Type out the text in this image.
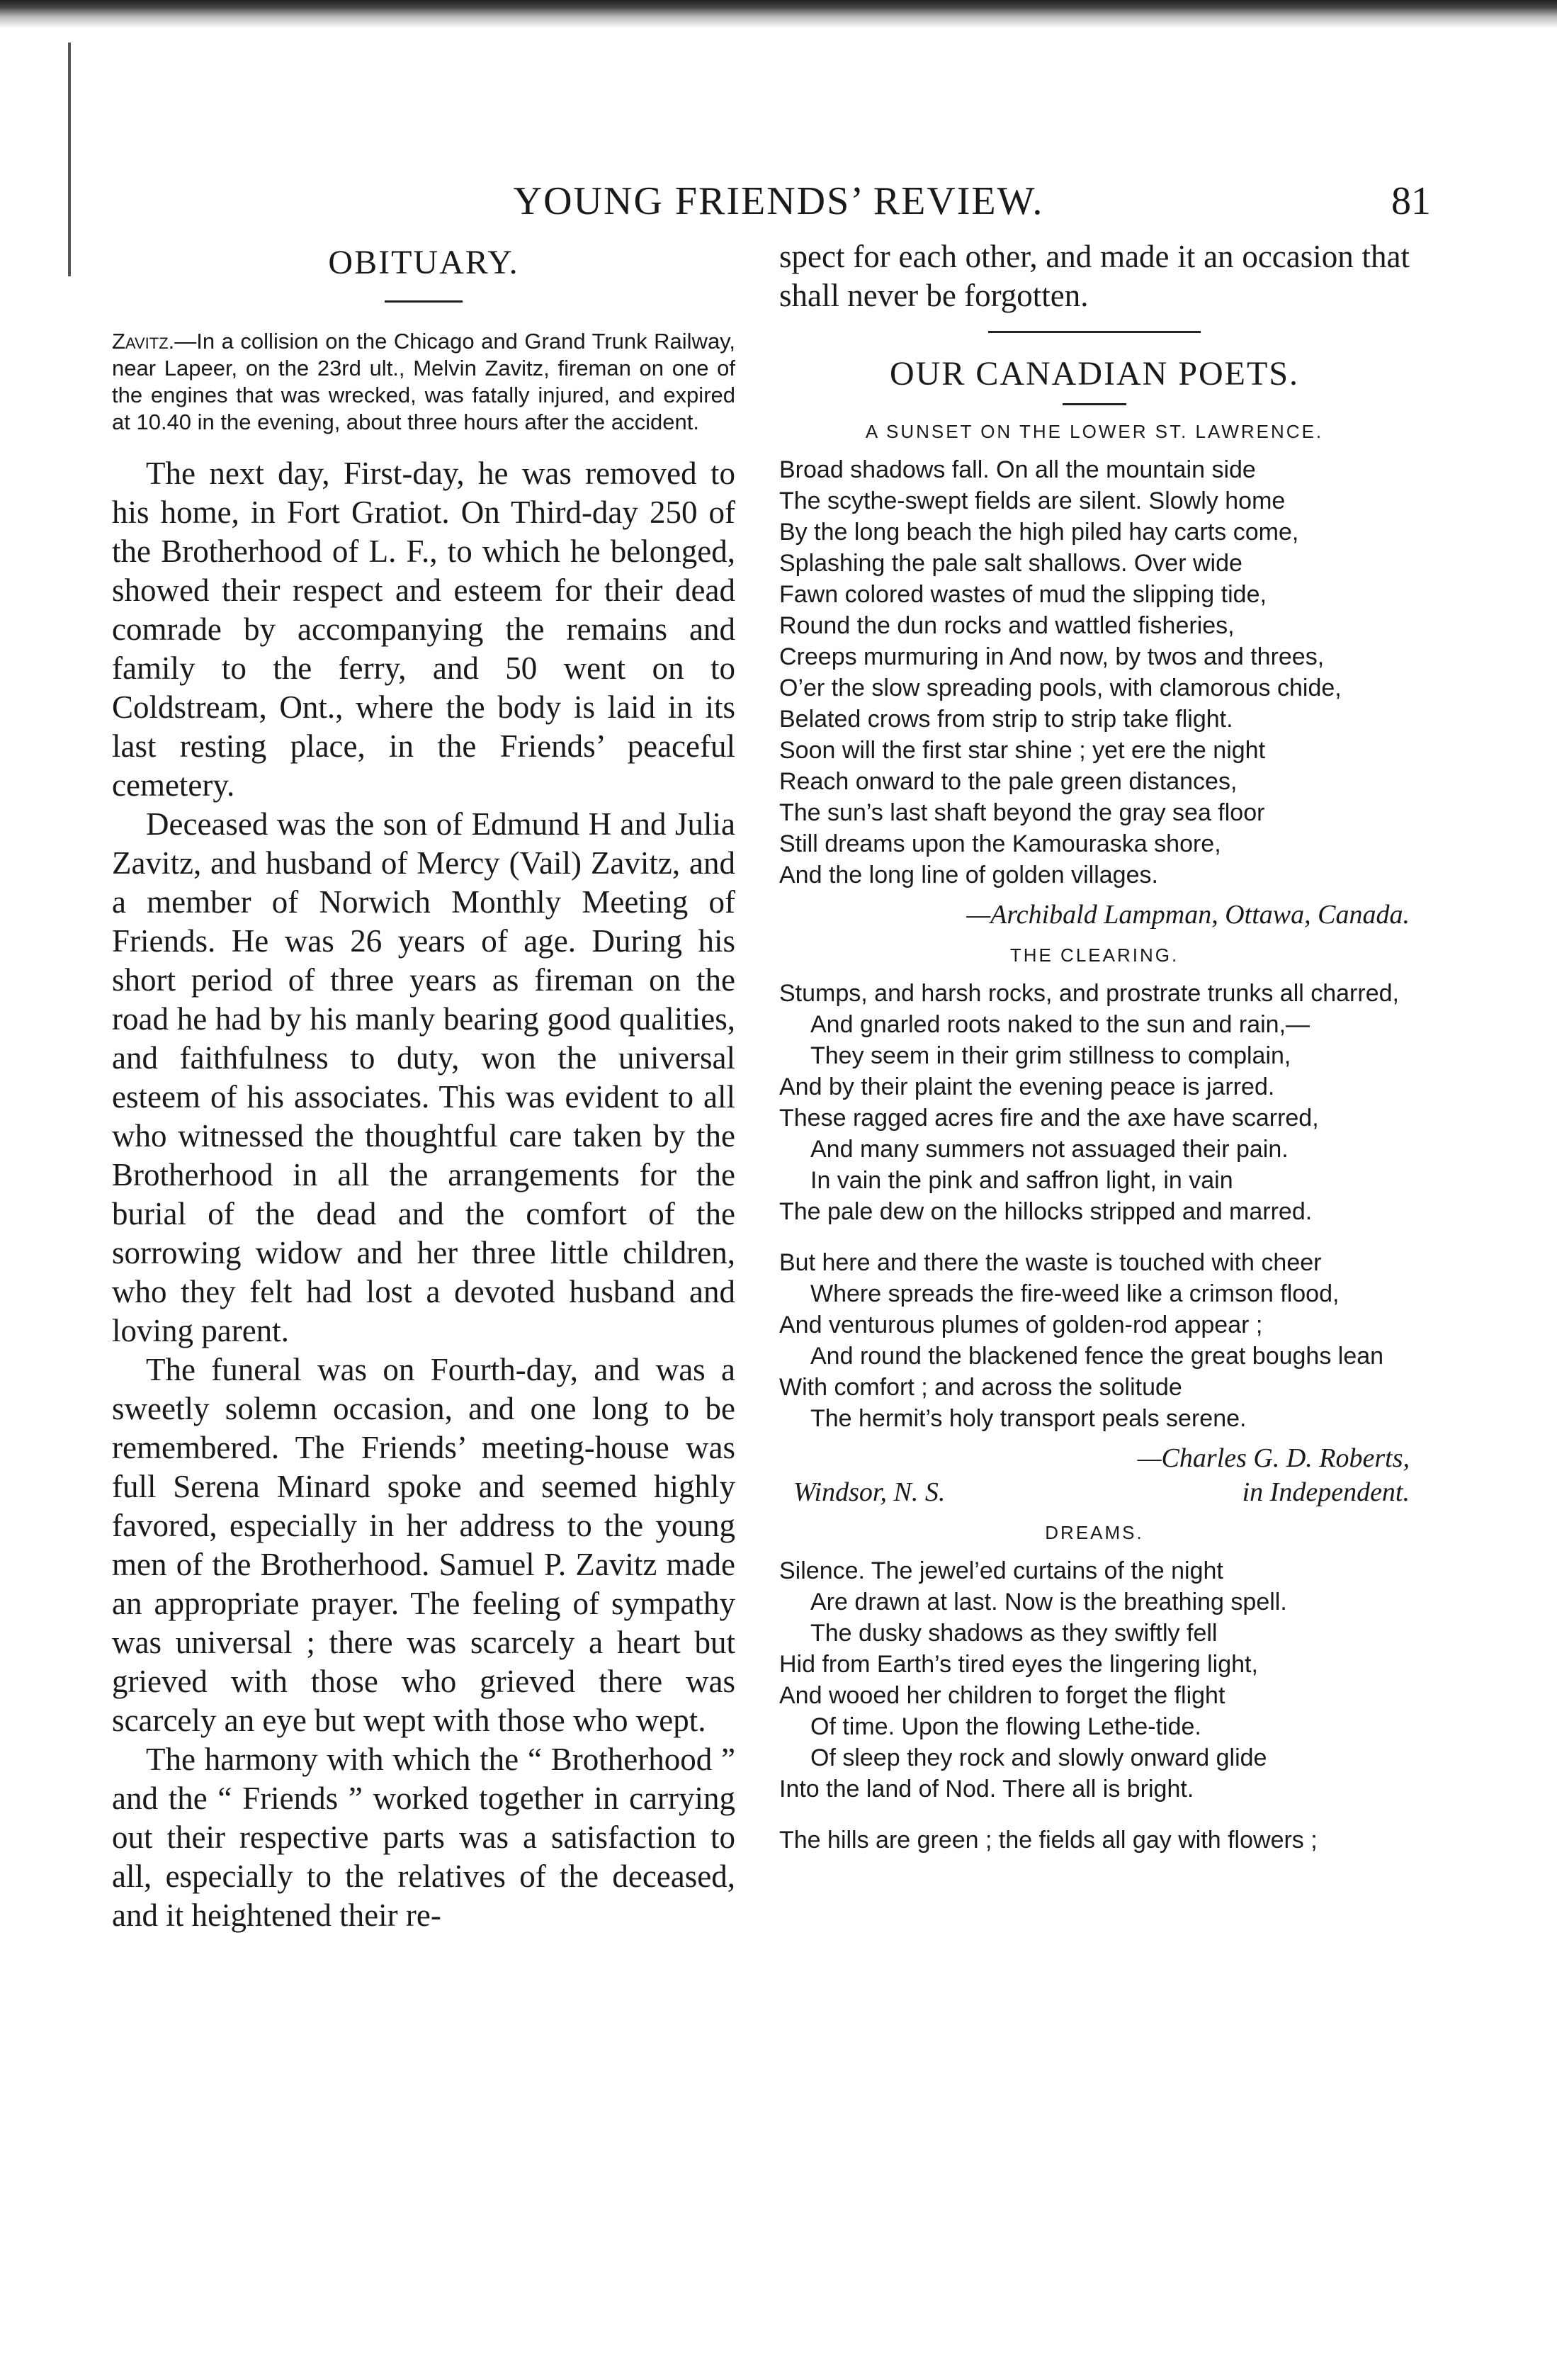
YOUNG FRIENDS’ REVIEW.	81
OBITUARY.

Zavitz.—In a collision on the Chicago and Grand Trunk Railway, near Lapeer, on the 23rd ult., Melvin Zavitz, fireman on one of the engines that was wrecked, was fatally injured, and expired at 10.40 in the evening, about three hours after the accident.

The next day, First-day, he was removed to his home, in Fort Gratiot. On Third-day 250 of the Brotherhood of L. F., to which he belonged, showed their respect and esteem for their dead comrade by accompanying the remains and family to the ferry, and 50 went on to Coldstream, Ont., where the body is laid in its last resting place, in the Friends’ peaceful cemetery.

Deceased was the son of Edmund H and Julia Zavitz, and husband of Mercy (Vail) Zavitz, and a member of Norwich Monthly Meeting of Friends. He was 26 years of age. During his short period of three years as fireman on the road he had by his manly bearing good qualities, and faithfulness to duty, won the universal esteem of his associates. This was evident to all who witnessed the thoughtful care taken by the Brotherhood in all the arrangements for the burial of the dead and the comfort of the sorrowing widow and her three little children, who they felt had lost a devoted husband and loving parent.

The funeral was on Fourth-day, and was a sweetly solemn occasion, and one long to be remembered. The Friends’ meeting-house was full Serena Minard spoke and seemed highly favored, especially in her address to the young men of the Brotherhood. Samuel P. Zavitz made an appropriate prayer. The feeling of sympathy was universal ; there was scarcely a heart but grieved with those who grieved there was scarcely an eye but wept with those who wept.

The harmony with which the “ Brotherhood ” and the “ Friends ” worked together in carrying out their respective parts was a satisfaction to all, especially to the relatives of the deceased, and it heightened their re-

spect for each other, and made it an occasion that shall never be forgotten.

OUR CANADIAN POETS.
A SUNSET ON THE LOWER ST. LAWRENCE.

Broad shadows fall. On all the mountain side

The scythe-swept fields are silent. Slowly home

By the long beach the high piled hay carts come,

Splashing the pale salt shallows. Over wide

Fawn colored wastes of mud the slipping tide,

Round the dun rocks and wattled fisheries,

Creeps murmuring in And now, by twos and threes,

O’er the slow spreading pools, with clamorous chide,

Belated crows from strip to strip take flight.

Soon will the first star shine ; yet ere the night

Reach onward to the pale green distances,

The sun’s last shaft beyond the gray sea floor

Still dreams upon the Kamouraska shore,

And the long line of golden villages.

—Archibald Lampman, Ottawa, Canada.
THE CLEARING.

Stumps, and harsh rocks, and prostrate trunks all charred,

And gnarled roots naked to the sun and rain,—

They seem in their grim stillness to complain,

And by their plaint the evening peace is jarred.

These ragged acres fire and the axe have scarred,

And many summers not assuaged their pain.

In vain the pink and saffron light, in vain

The pale dew on the hillocks stripped and marred.

But here and there the waste is touched with cheer

Where spreads the fire-weed like a crimson flood,

And venturous plumes of golden-rod appear ;

And round the blackened fence the great boughs lean

With comfort ; and across the solitude

The hermit’s holy transport peals serene.

—Charles G. D. Roberts,
Windsor, N. S.	in Independent.
DREAMS.

Silence. The jewel’ed curtains of the night

Are drawn at last. Now is the breathing spell.

The dusky shadows as they swiftly fell

Hid from Earth’s tired eyes the lingering light,

And wooed her children to forget the flight

Of time. Upon the flowing Lethe-tide.

Of sleep they rock and slowly onward glide

Into the land of Nod. There all is bright.

The hills are green ; the fields all gay with flowers ;
